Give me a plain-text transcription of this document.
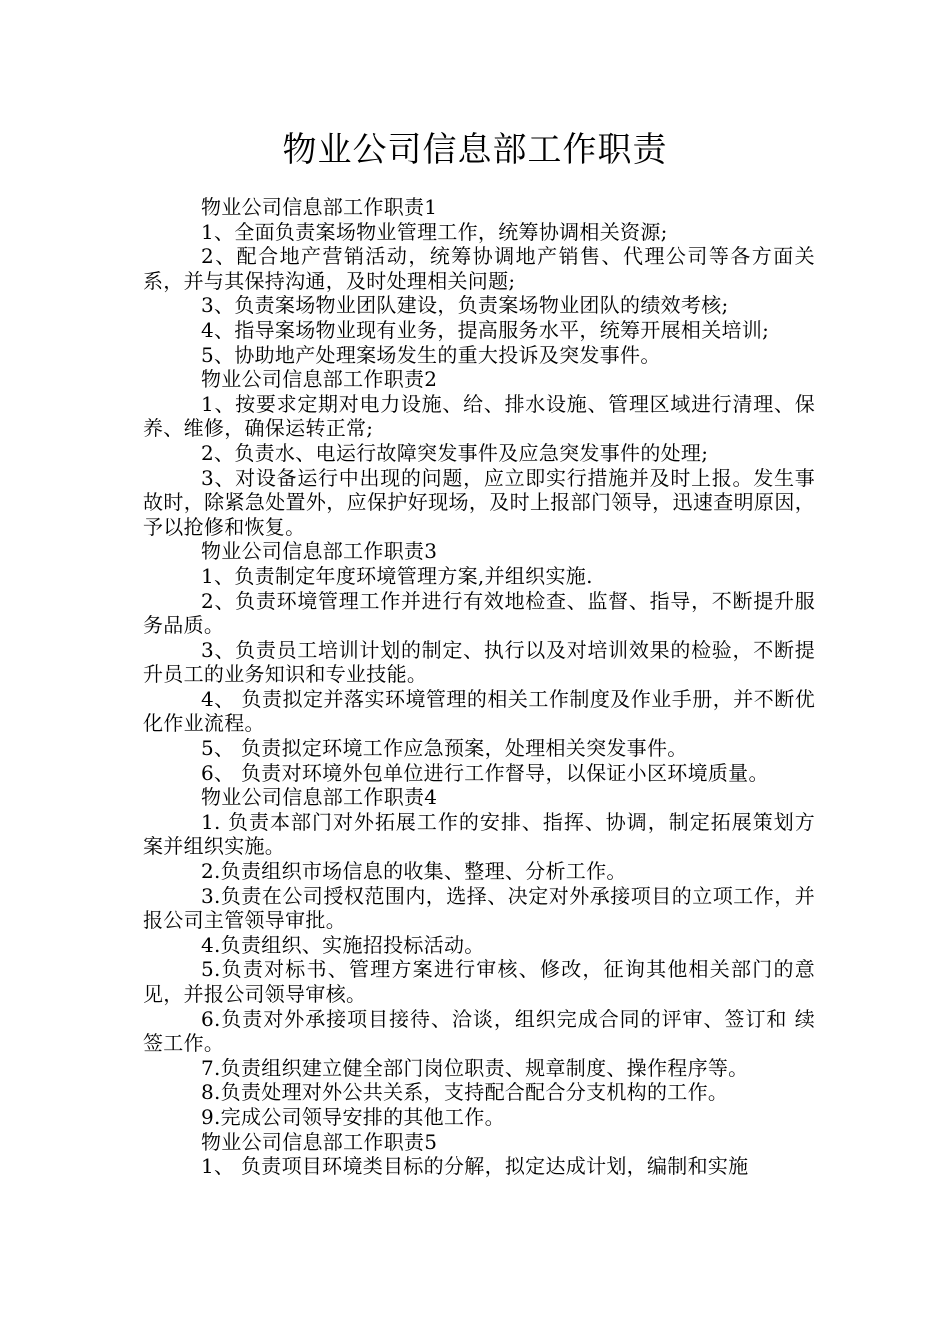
物业公司信息部工作职责

物业公司信息部工作职责1

1、全面负责案场物业管理工作，统筹协调相关资源;

2、配合地产营销活动，统筹协调地产销售、代理公司等各方面关系，并与其保持沟通，及时处理相关问题;

3、负责案场物业团队建设，负责案场物业团队的绩效考核;

4、指导案场物业现有业务，提高服务水平，统筹开展相关培训;

5、协助地产处理案场发生的重大投诉及突发事件。

物业公司信息部工作职责2

1、按要求定期对电力设施、给、排水设施、管理区域进行清理、保养、维修，确保运转正常;

2、负责水、电运行故障突发事件及应急突发事件的处理;

3、对设备运行中出现的问题，应立即实行措施并及时上报。发生事故时，除紧急处置外，应保护好现场，及时上报部门领导，迅速查明原因，予以抢修和恢复。

物业公司信息部工作职责3

1、负责制定年度环境管理方案,并组织实施.

2、负责环境管理工作并进行有效地检查、监督、指导，不断提升服务品质。

3、负责员工培训计划的制定、执行以及对培训效果的检验，不断提升员工的业务知识和专业技能。

4、 负责拟定并落实环境管理的相关工作制度及作业手册，并不断优化作业流程。

5、 负责拟定环境工作应急预案，处理相关突发事件。

6、 负责对环境外包单位进行工作督导，以保证小区环境质量。

物业公司信息部工作职责4

1. 负责本部门对外拓展工作的安排、指挥、协调，制定拓展策划方案并组织实施。

2.负责组织市场信息的收集、整理、分析工作。

3.负责在公司授权范围内，选择、决定对外承接项目的立项工作，并报公司主管领导审批。

4.负责组织、实施招投标活动。

5.负责对标书、管理方案进行审核、修改，征询其他相关部门的意见，并报公司领导审核。

6.负责对外承接项目接待、洽谈，组织完成合同的评审、签订和 续签工作。

7.负责组织建立健全部门岗位职责、规章制度、操作程序等。

8.负责处理对外公共关系，支持配合配合分支机构的工作。

9.完成公司领导安排的其他工作。

物业公司信息部工作职责5

1、 负责项目环境类目标的分解，拟定达成计划，编制和实施
